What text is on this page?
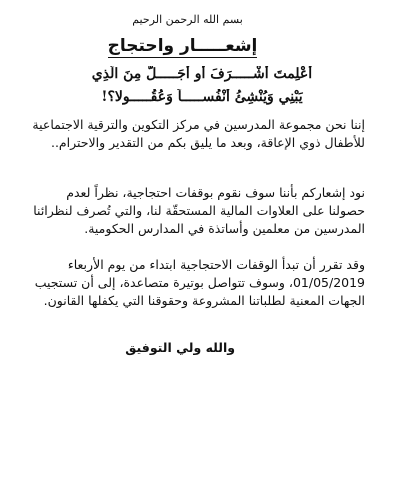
بسم الله الرحمن الرحيم
إشعـــــار واحتجاج
أَعْلِمتَ أَشْـــــرَفَ أَو أَجَـــــلَّ مِنَ الَّذِي
يَبْنِي وَيُنْشِئُ أَنْفُســـــاً وَعُقُـــــولا؟!
إننا نحن مجموعة المدرسين في مركز التكوين والترقية الاجتماعية للأطفال ذوي الإعاقة، وبعد ما يليق بكم من التقدير والاحترام..
نود إشعاركم بأننا سوف نقوم بوقفات احتجاجية، نظراً لعدم حصولنا على العلاوات المالية المستحقّة لنا، والتي تُصرف لنظرائنا المدرسين من معلمين وأساتذة في المدارس الحكومية.
وقد تقرر أن تبدأ الوقفات الاحتجاجية ابتداء من يوم الأربعاء 01/05/2019، وسوف تتواصل بوتيرة متصاعدة، إلى أن تستجيب الجهات المعنية لطلباتنا المشروعة وحقوقنا التي يكفلها القانون.
والله ولي التوفيق
